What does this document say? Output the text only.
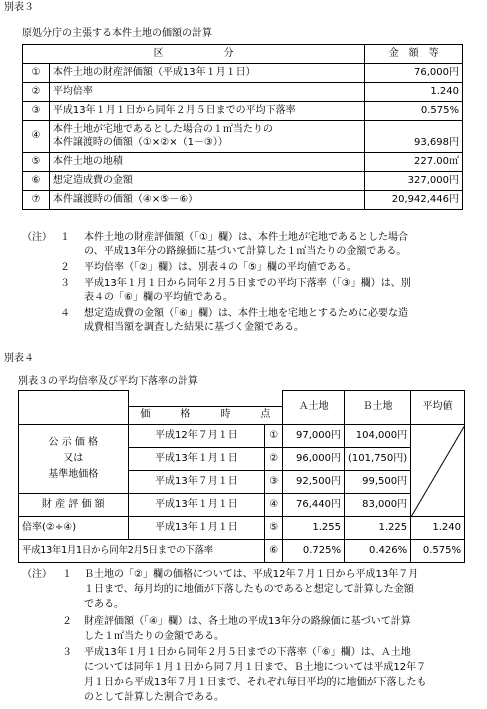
別表３
原処分庁の主張する本件土地の価額の計算
区　　　　　　分		金　額　等
①	本件土地の財産評価額（平成13年１月１日）	76,000円
②	平均倍率	1.240
③	平成13年１月１日から同年２月５日までの平均下落率	0.575%
④	本件土地が宅地であるとした場合の１㎡当たりの
本件譲渡時の価額（①×②×（1－③））	93,698円
⑤	本件土地の地積	227.00㎡
⑥	想定造成費の金額	327,000円
⑦	本件譲渡時の価額（④×⑤－⑥）	20,942,446円
（注） １ 本件土地の財産評価額（「①」欄）は、本件土地が宅地であるとした場合
の、平成13年分の路線価に基づいて計算した１㎡当たりの金額である。
２ 平均倍率（「②」欄）は、別表４の「⑤」欄の平均値である。
３ 平成13年１月１日から同年２月５日までの平均下落率（「③」欄）は、別
表４の「⑥」欄の平均値である。
４ 想定造成費の金額（「⑥」欄）は、本件土地を宅地とするために必要な造
成費相当額を調査した結果に基づく金額である。
別表４
別表３の平均倍率及び平均下落率の計算
			Ａ土地	Ｂ土地	平均値
	価　　　格　　　時　　　点				

公 示 価 格
又は
基準地価格	平成12年７月１日	①	97,000円	104,000円	

	平成13年１月１日	②	96,000円	(101,750円)	
	平成13年７月１日	③	92,500円	99,500円	
財 産 評 価 額	平成13年１月１日	④	76,440円	83,000円	
倍率(②÷④)	平成13年１月１日	⑤	1.255	1.225	1.240
平成13年1月1日から同年2月5日までの下落率		⑥	0.725%	0.426%	0.575%
（注） １ Ｂ土地の「②」欄の価格については、平成12年７月１日から平成13年７月
１日まで、毎月均的に地価が下落したものであると想定して計算した金額
である。
２ 財産評価額（「④」欄）は、各土地の平成13年分の路線価に基づいて計算
した１㎡当たりの金額である。
３ 平成13年１月１日から同年２月５日までの下落率（「⑥」欄）は、Ａ土地
については同年１月１日から同７月１日まで、Ｂ土地については平成12年７
月１日から平成13年７月１日まで、それぞれ毎日平均的に地価が下落したも
のとして計算した割合である。
